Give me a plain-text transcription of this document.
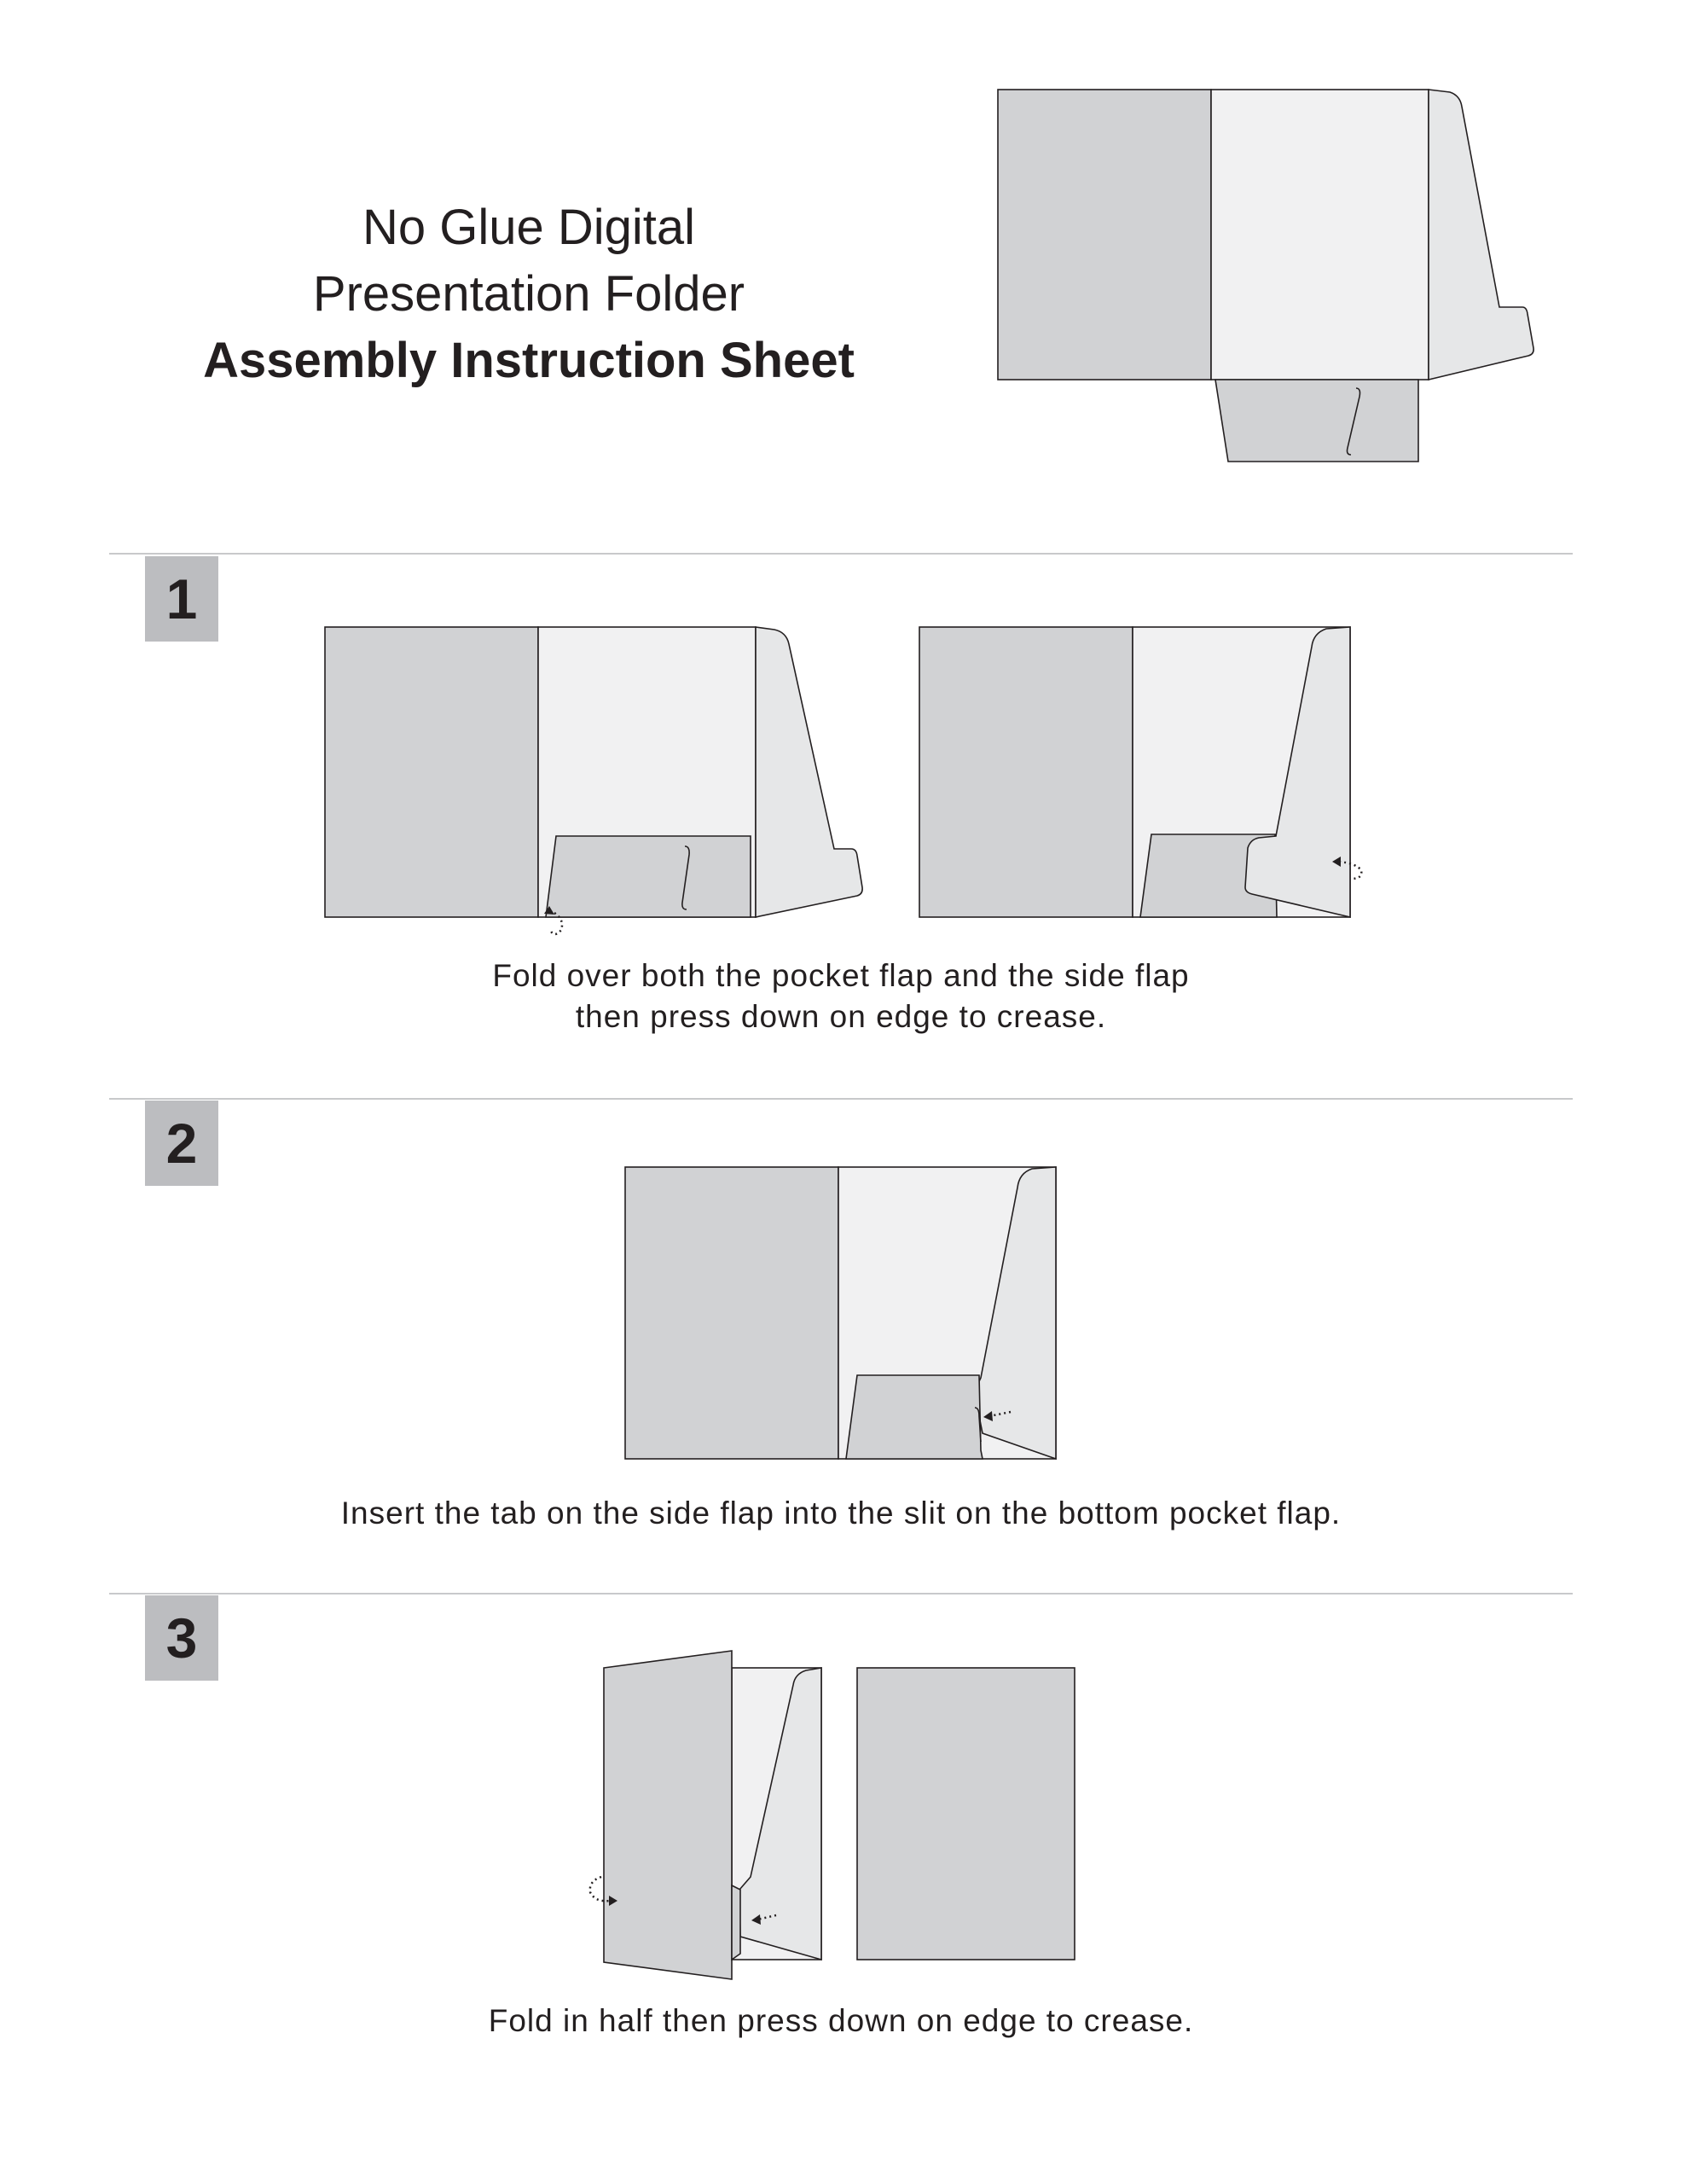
No Glue Digital
Presentation Folder
Assembly Instruction Sheet
1
2
3
Fold over both the pocket flap and the side flap
then press down on edge to crease.
Insert the tab on the side flap into the slit on the bottom pocket flap.
Fold in half then press down on edge to crease.
